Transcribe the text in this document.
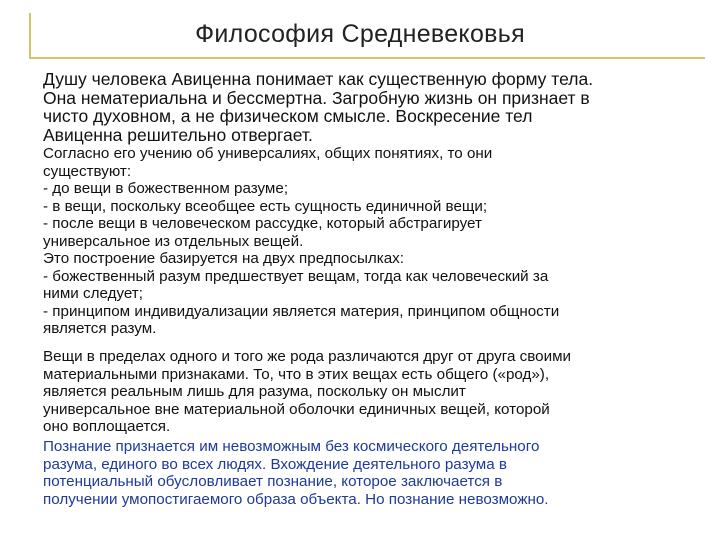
Философия Средневековья
Душу человека Авиценна понимает как существенную форму тела.
Она нематериальна и бессмертна. Загробную жизнь он признает в
чисто духовном, а не физическом смысле. Воскресение тел
Авиценна решительно отвергает.
Согласно его учению об универсалиях, общих понятиях, то они
существуют:
- до вещи в божественном разуме;
- в вещи, поскольку всеобщее есть сущность единичной вещи;
- после вещи в человеческом рассудке, который абстрагирует
универсальное из отдельных вещей.
Это построение базируется на двух предпосылках:
- божественный разум предшествует вещам, тогда как человеческий за
ними следует;
- принципом индивидуализации является материя, принципом общности
является разум.
Вещи в пределах одного и того же рода различаются друг от друга своими
материальными признаками. То, что в этих вещах есть общего («род»),
является реальным лишь для разума, поскольку он мыслит
универсальное вне материальной оболочки единичных вещей, которой
оно воплощается.
Познание признается им невозможным без космического деятельного
разума, единого во всех людях. Вхождение деятельного разума в
потенциальный обусловливает познание, которое заключается в
получении умопостигаемого образа объекта. Но познание невозможно.
